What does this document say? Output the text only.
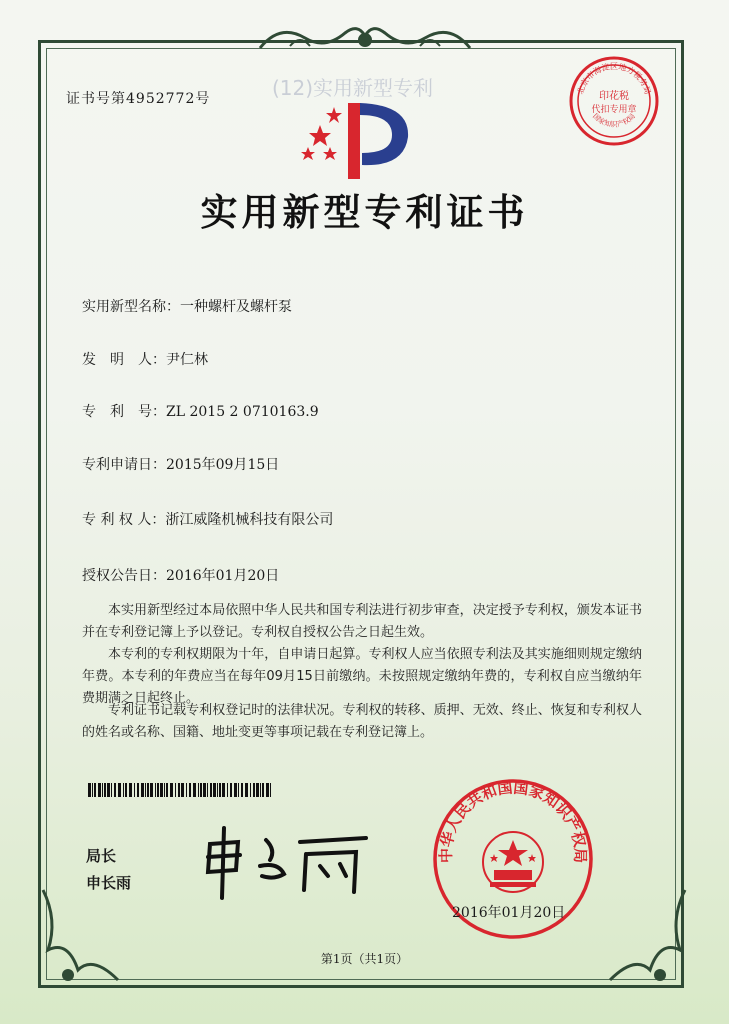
(12)实用新型专利
证书号第4952772号
北京市海淀区地方税务局
印花税
代扣专用章
国家知识产权局
实用新型专利证书
实用新型名称：一种螺杆及螺杆泵
发　明　人：尹仁林
专　利　号：ZL 2015 2 0710163.9
专利申请日：2015年09月15日
专 利 权 人：浙江威隆机械科技有限公司
授权公告日：2016年01月20日
本实用新型经过本局依照中华人民共和国专利法进行初步审查，决定授予专利权，颁发本证书并在专利登记簿上予以登记。专利权自授权公告之日起生效。
本专利的专利权期限为十年，自申请日起算。专利权人应当依照专利法及其实施细则规定缴纳年费。本专利的年费应当在每年09月15日前缴纳。未按照规定缴纳年费的，专利权自应当缴纳年费期满之日起终止。
专利证书记载专利权登记时的法律状况。专利权的转移、质押、无效、终止、恢复和专利权人的姓名或名称、国籍、地址变更等事项记载在专利登记簿上。
局长
申长雨
中华人民共和国国家知识产权局
2016年01月20日
第1页（共1页）
